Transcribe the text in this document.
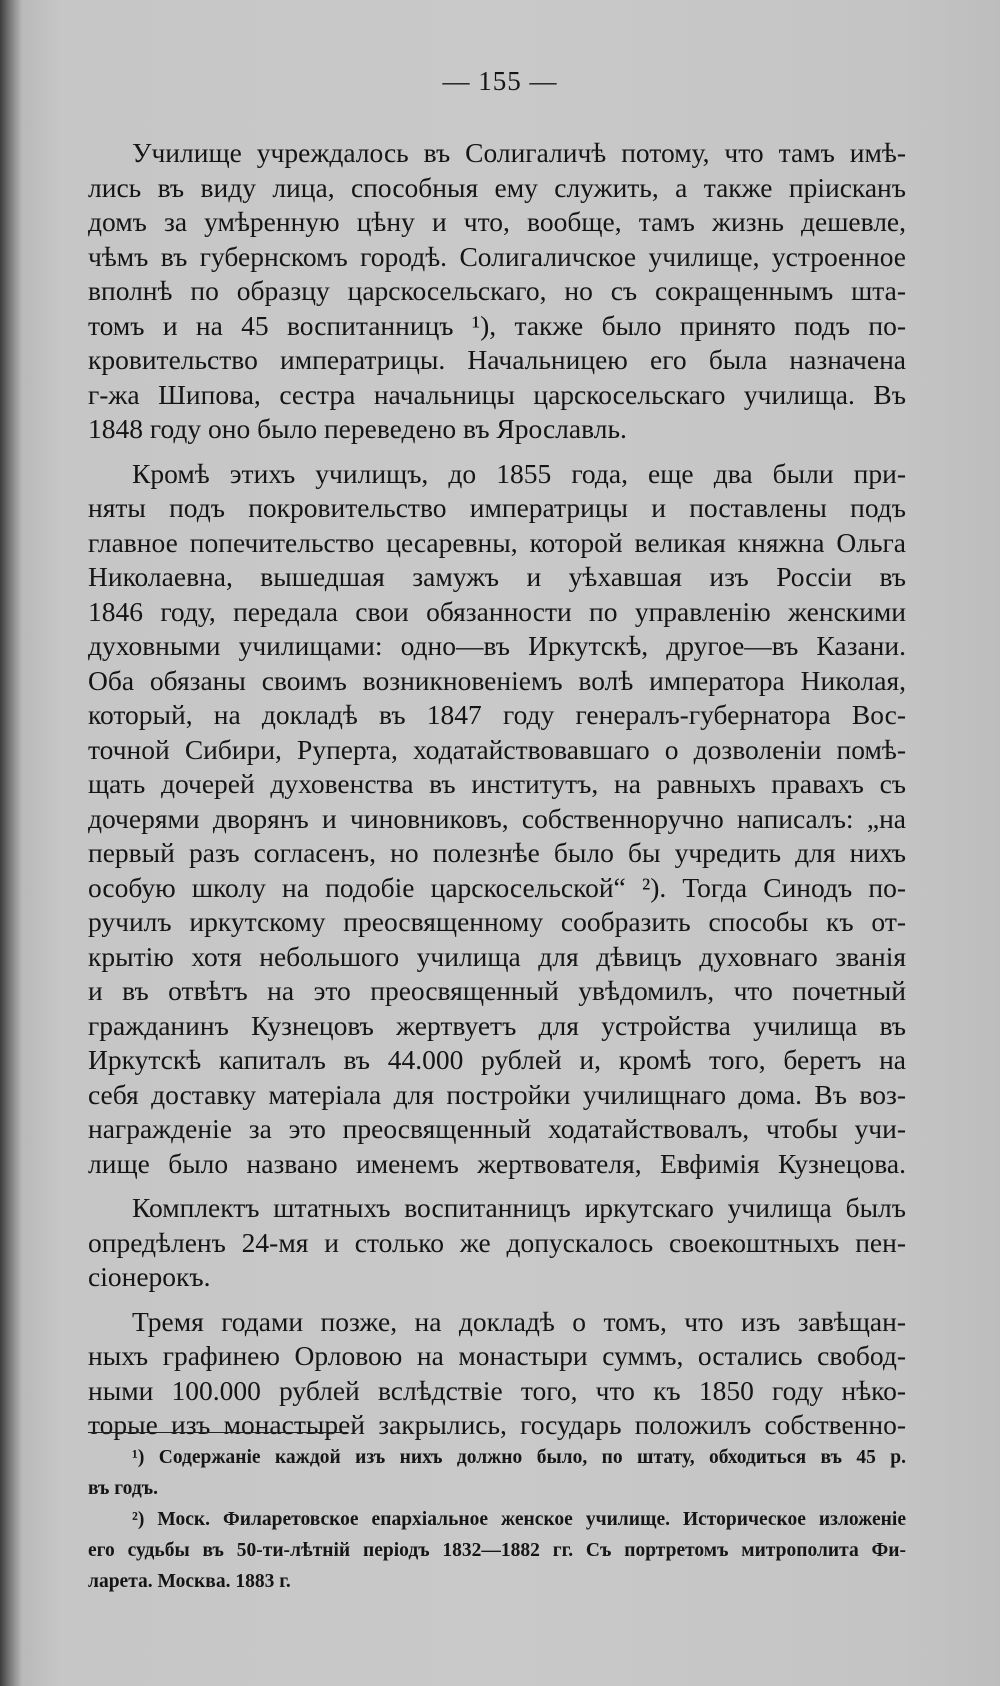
— 155 —
Училище учреждалось въ Солигаличѣ потому, что тамъ имѣ-
лись въ виду лица, способныя ему служить, а также прiисканъ
домъ за умѣренную цѣну и что, вообще, тамъ жизнь дешевле,
чѣмъ въ губернскомъ городѣ. Солигаличское училище, устроенное
вполнѣ по образцу царскосельскаго, но съ сокращеннымъ шта-
томъ и на 45 воспитанницъ ¹), также было принято подъ по-
кровительство императрицы. Начальницею его была назначена
г-жа Шипова, сестра начальницы царскосельскаго училища. Въ
1848 году оно было переведено въ Ярославль.
Кромѣ этихъ училищъ, до 1855 года, еще два были при-
няты подъ покровительство императрицы и поставлены подъ
главное попечительство цесаревны, которой великая княжна Ольга
Николаевна, вышедшая замужъ и уѣхавшая изъ Россiи въ
1846 году, передала свои обязанности по управленiю женскими
духовными училищами: одно—въ Иркутскѣ, другое—въ Казани.
Оба обязаны своимъ возникновенiемъ волѣ императора Николая,
который, на докладѣ въ 1847 году генералъ-губернатора Вос-
точной Сибири, Руперта, ходатайствовавшаго о дозволенiи помѣ-
щать дочерей духовенства въ институтъ, на равныхъ правахъ съ
дочерями дворянъ и чиновниковъ, собственноручно написалъ: „на
первый разъ согласенъ, но полезнѣе было бы учредить для нихъ
особую школу на подобiе царскосельской“ ²). Тогда Синодъ по-
ручилъ иркутскому преосвященному сообразить способы къ от-
крытiю хотя небольшого училища для дѣвицъ духовнаго званiя
и въ отвѣтъ на это преосвященный увѣдомилъ, что почетный
гражданинъ Кузнецовъ жертвуетъ для устройства училища въ
Иркутскѣ капиталъ въ 44.000 рублей и, кромѣ того, беретъ на
себя доставку матерiала для постройки училищнаго дома. Въ воз-
награжденiе за это преосвященный ходатайствовалъ, чтобы учи-
лище было названо именемъ жертвователя, Евфимiя Кузнецова.
Комплектъ штатныхъ воспитанницъ иркутскаго училища былъ
опредѣленъ 24-мя и столько же допускалось своекоштныхъ пен-
сiонерокъ.
Тремя годами позже, на докладѣ о томъ, что изъ завѣщан-
ныхъ графинею Орловою на монастыри суммъ, остались свобод-
ными 100.000 рублей вслѣдствiе того, что къ 1850 году нѣко-
торые изъ монастырей закрылись, государь положилъ собственно-
¹) Содержанiе каждой изъ нихъ должно было, по штату, обходиться въ 45 р.
въ годъ.
²) Моск. Филаретовское епархiальное женское училище. Историческое изложенiе
его судьбы въ 50-ти-лѣтнiй перiодъ 1832—1882 гг. Съ портретомъ митрополита Фи-
ларета. Москва. 1883 г.
